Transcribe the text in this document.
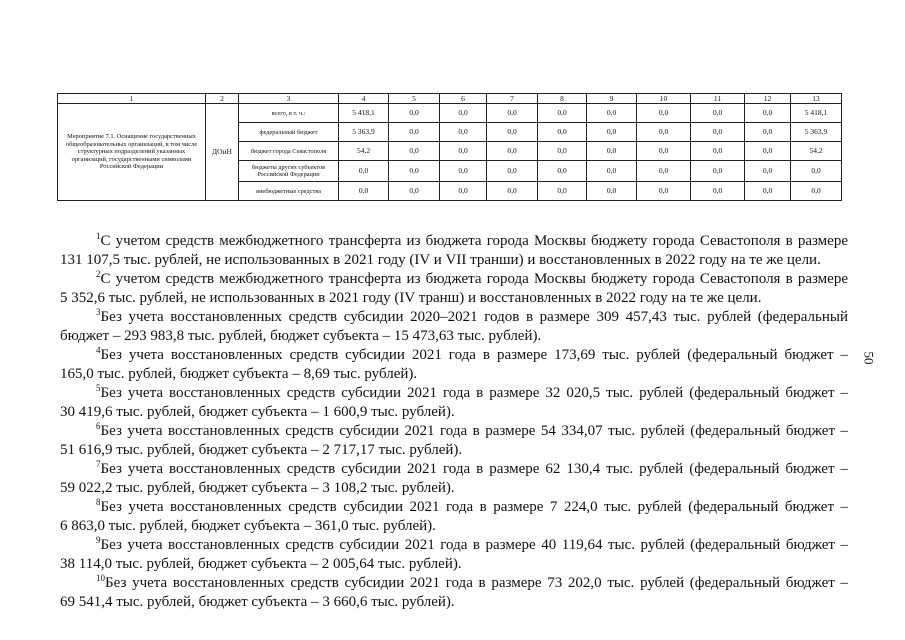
1	2	3	4	5	6	7	8	9	10	11	12	13
Мероприятие 7.1. Оснащение государственных общеобразовательных организаций, в том числе структурных подразделений указанных организаций, государственными символами Российской Федерации	ДОиН	всего, в т. ч.:	5 418,1	0,0	0,0	0,0	0,0	0,0	0,0	0,0	0,0	5 418,1
		федеральный бюджет	5 363,9	0,0	0,0	0,0	0,0	0,0	0,0	0,0	0,0	5 363,9
		бюджет города Севастополя	54,2	0,0	0,0	0,0	0,0	0,0	0,0	0,0	0,0	54,2
		бюджеты других субъектов Российской Федерации	0,0	0,0	0,0	0,0	0,0	0,0	0,0	0,0	0,0	0,0
		внебюджетные средства	0,0	0,0	0,0	0,0	0,0	0,0	0,0	0,0	0,0	0,0
$^1$С учетом средств межбюджетного трансферта из бюджета города Москвы бюджету города Севастополя в размере
131 107,5 тыс. рублей, не использованных в 2021 году (IV и VII транши) и восстановленных в 2022 году на те же цели.
$^2$С учетом средств межбюджетного трансферта из бюджета города Москвы бюджету города Севастополя в размере
5 352,6 тыс. рублей, не использованных в 2021 году (IV транш) и восстановленных в 2022 году на те же цели.
$^3$Без учета восстановленных средств субсидии 2020–2021 годов в размере 309 457,43 тыс. рублей (федеральный
бюджет – 293 983,8 тыс. рублей, бюджет субъекта – 15 473,63 тыс. рублей).
$^4$Без учета восстановленных средств субсидии 2021 года в размере 173,69 тыс. рублей (федеральный бюджет –
165,0 тыс. рублей, бюджет субъекта – 8,69 тыс. рублей).
$^5$Без учета восстановленных средств субсидии 2021 года в размере 32 020,5 тыс. рублей (федеральный бюджет –
30 419,6 тыс. рублей, бюджет субъекта – 1 600,9 тыс. рублей).
$^6$Без учета восстановленных средств субсидии 2021 года в размере 54 334,07 тыс. рублей (федеральный бюджет –
51 616,9 тыс. рублей, бюджет субъекта – 2 717,17 тыс. рублей).
$^7$Без учета восстановленных средств субсидии 2021 года в размере 62 130,4 тыс. рублей (федеральный бюджет –
59 022,2 тыс. рублей, бюджет субъекта – 3 108,2 тыс. рублей).
$^8$Без учета восстановленных средств субсидии 2021 года в размере 7 224,0 тыс. рублей (федеральный бюджет –
6 863,0 тыс. рублей, бюджет субъекта – 361,0 тыс. рублей).
$^9$Без учета восстановленных средств субсидии 2021 года в размере 40 119,64 тыс. рублей (федеральный бюджет –
38 114,0 тыс. рублей, бюджет субъекта – 2 005,64 тыс. рублей).
$^{10}$Без учета восстановленных средств субсидии 2021 года в размере 73 202,0 тыс. рублей (федеральный бюджет –
69 541,4 тыс. рублей, бюджет субъекта – 3 660,6 тыс. рублей).
50
